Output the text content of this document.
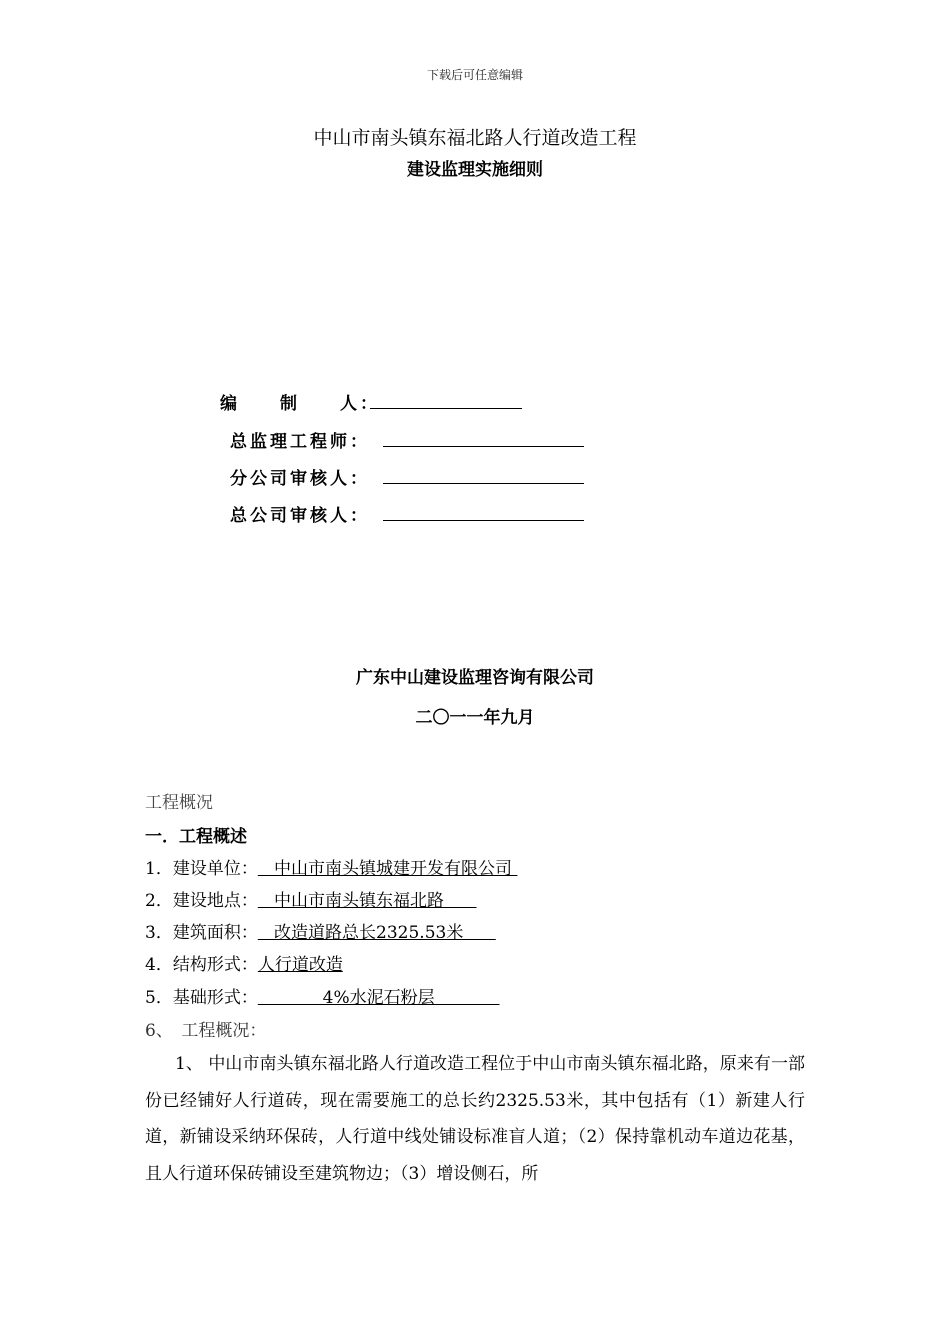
下载后可任意编辑
中山市南头镇东福北路人行道改造工程
建设监理实施细则
编　　制　　人：
总监理工程师：
分公司审核人：
总公司审核人：
广东中山建设监理咨询有限公司
二〇一一年九月
工程概况
一．工程概述
1．建设单位：   中山市南头镇城建开发有限公司
2．建设地点：   中山市南头镇东福北路
3．建筑面积：   改造道路总长2325.53米
4．结构形式：人行道改造
5．基础形式：            4%水泥石粉层
6、　工程概况：
1、 中山市南头镇东福北路人行道改造工程位于中山市南头镇东福北路，原来有一部份已经铺好人行道砖，现在需要施工的总长约2325.53米，其中包括有（1）新建人行道，新铺设采纳环保砖，人行道中线处铺设标准盲人道；（2）保持靠机动车道边花基，且人行道环保砖铺设至建筑物边；（3）增设侧石，所
